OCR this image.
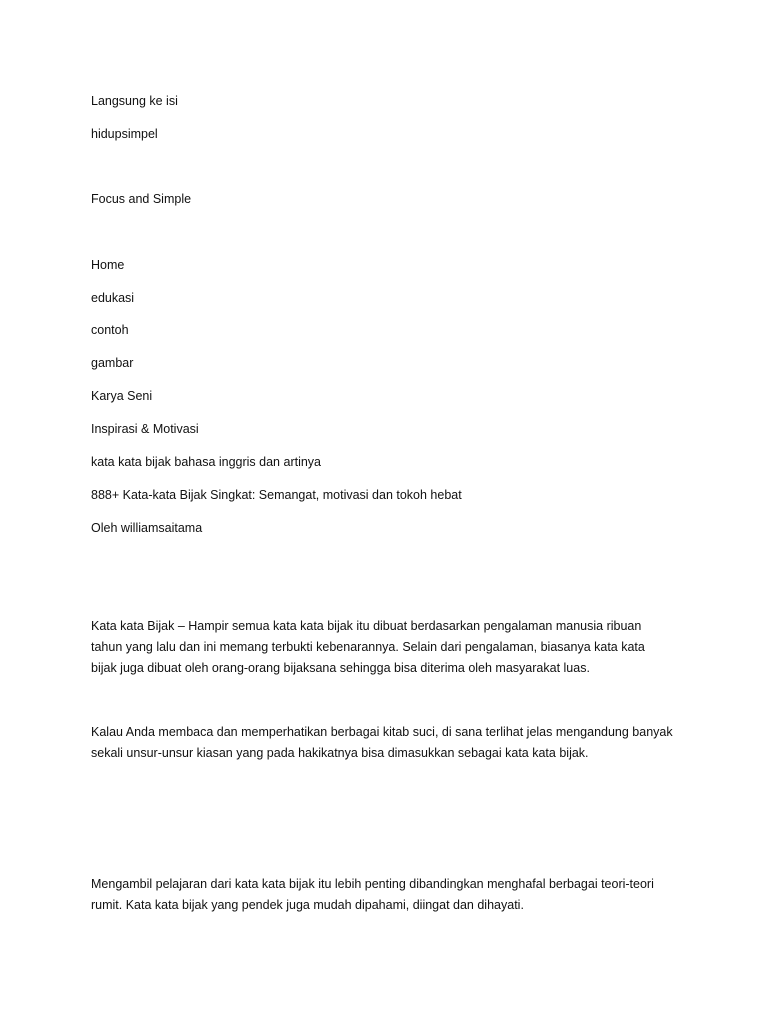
Langsung ke isi
hidupsimpel
Focus and Simple
Home
edukasi
contoh
gambar
Karya Seni
Inspirasi & Motivasi
kata kata bijak bahasa inggris dan artinya
888+ Kata-kata Bijak Singkat: Semangat, motivasi dan tokoh hebat
Oleh williamsaitama
Kata kata Bijak – Hampir semua kata kata bijak itu dibuat berdasarkan pengalaman manusia ribuan
tahun yang lalu dan ini memang terbukti kebenarannya. Selain dari pengalaman, biasanya kata kata
bijak juga dibuat oleh orang-orang bijaksana sehingga bisa diterima oleh masyarakat luas.
Kalau Anda membaca dan memperhatikan berbagai kitab suci, di sana terlihat jelas mengandung banyak
sekali unsur-unsur kiasan yang pada hakikatnya bisa dimasukkan sebagai kata kata bijak.
Mengambil pelajaran dari kata kata bijak itu lebih penting dibandingkan menghafal berbagai teori-teori
rumit. Kata kata bijak yang pendek juga mudah dipahami, diingat dan dihayati.
